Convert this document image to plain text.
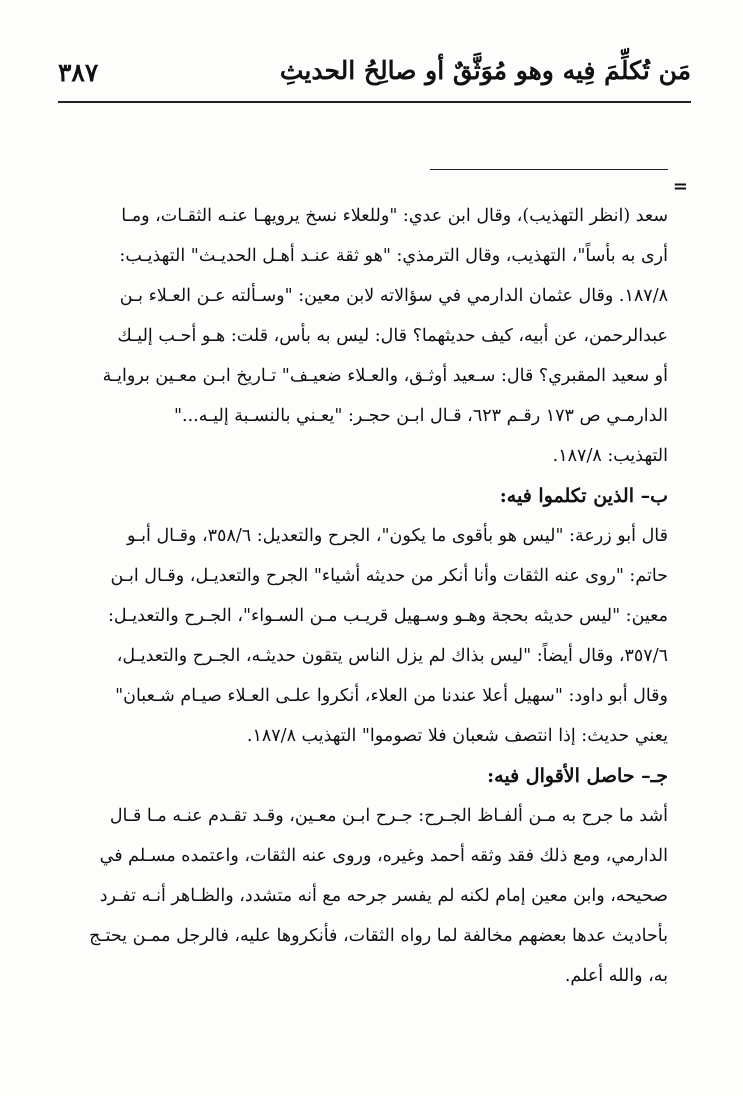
مَن تُكلِّمَ فِيه وهو مُوَثَّقٌ أو صالِحُ الحديثِ
٣٨٧
=
سعد (انظر التهذيب)، وقال ابن عدي: "وللعلاء نسخ يرويهـا عنـه الثقـات، ومـا
أرى به بأساً"، التهذيب، وقال الترمذي: "هو ثقة عنـد أهـل الحديـث" التهذيـب:
١٨٧/٨. وقال عثمان الدارمي في سؤالاته لابن معين: "وسـألته عـن العـلاء بـن
عبدالرحمن، عن أبيه، كيف حديثهما؟ قال: ليس به بأس، قلت: هـو أحـب إليـك
أو سعيد المقبري؟ قال: سـعيد أوثـق، والعـلاء ضعيـف" تـاريخ ابـن معـين بروايـة
الدارمـي ص ١٧٣ رقـم ٦٢٣، قـال ابـن حجـر: "يعـني بالنسـبة إليـه..."
التهذيب: ١٨٧/٨.
ب– الذين تكلموا فيه:
قال أبو زرعة: "ليس هو بأقوى ما يكون"، الجرح والتعديل: ٣٥٨/٦، وقـال أبـو
حاتم: "روى عنه الثقات وأنا أنكر من حديثه أشياء" الجرح والتعديـل، وقـال ابـن
معين: "ليس حديثه بحجة وهـو وسـهيل قريـب مـن السـواء"، الجـرح والتعديـل:
٣٥٧/٦، وقال أيضاً: "ليس بذاك لم يزل الناس يتقون حديثـه، الجـرح والتعديـل،
وقال أبو داود: "سهيل أعلا عندنا من العلاء، أنكروا علـى العـلاء صيـام شـعبان"
يعني حديث: إذا انتصف شعبان فلا تصوموا" التهذيب ١٨٧/٨.
جـ– حاصل الأقوال فيه:
أشد ما جرح به مـن ألفـاظ الجـرح: جـرح ابـن معـين، وقـد تقـدم عنـه مـا قـال
الدارمي، ومع ذلك فقد وثقه أحمد وغيره، وروى عنه الثقات، واعتمده مسـلم في
صحيحه، وابن معين إمام لكنه لم يفسر جرحه مع أنه متشدد، والظـاهر أنـه تفـرد
بأحاديث عدها بعضهم مخالفة لما رواه الثقات، فأنكروها عليه، فالرجل ممـن يحتـج
به، والله أعلم.
